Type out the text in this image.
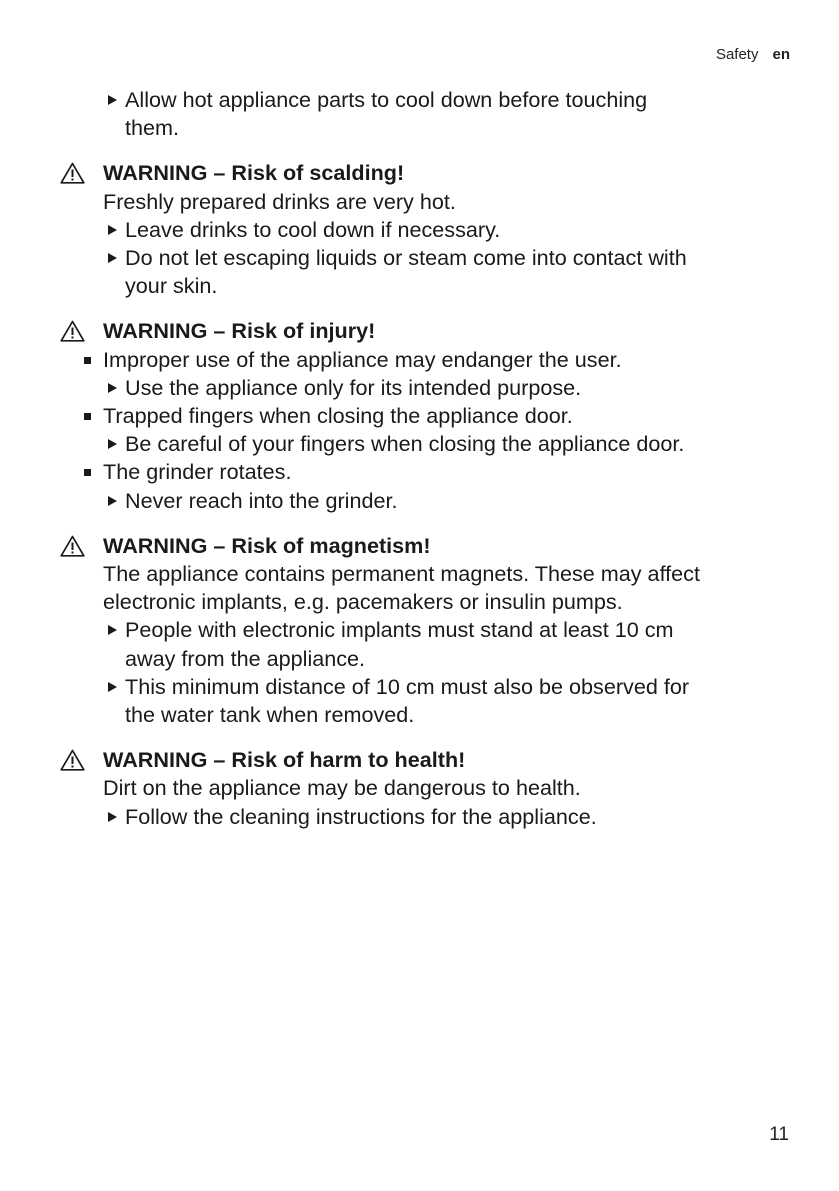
Safety en
Allow hot appliance parts to cool down before touching
them.
WARNING – Risk of scalding!
Freshly prepared drinks are very hot.
Leave drinks to cool down if necessary.
Do not let escaping liquids or steam come into contact with
your skin.
WARNING – Risk of injury!
Improper use of the appliance may endanger the user.
Use the appliance only for its intended purpose.
Trapped fingers when closing the appliance door.
Be careful of your fingers when closing the appliance door.
The grinder rotates.
Never reach into the grinder.
WARNING – Risk of magnetism!
The appliance contains permanent magnets. These may affect
electronic implants, e.g. pacemakers or insulin pumps.
People with electronic implants must stand at least 10 cm
away from the appliance.
This minimum distance of 10 cm must also be observed for
the water tank when removed.
WARNING – Risk of harm to health!
Dirt on the appliance may be dangerous to health.
Follow the cleaning instructions for the appliance.
11
